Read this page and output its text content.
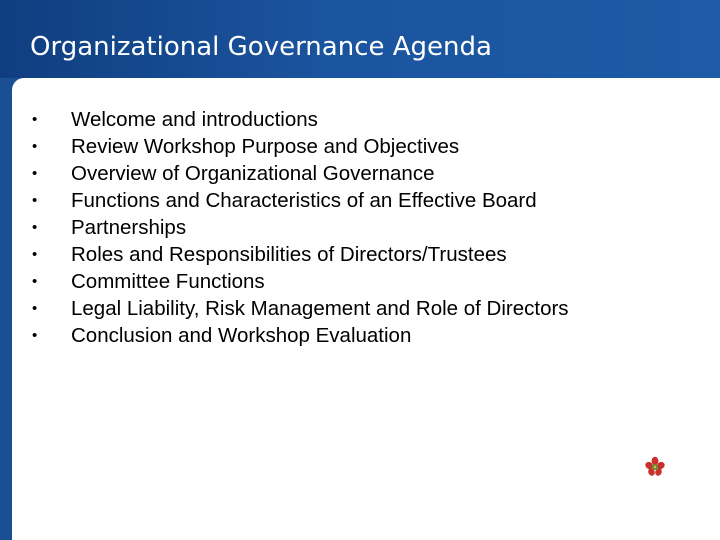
Organizational Governance Agenda
• Welcome and introductions
• Review Workshop Purpose and Objectives
• Overview of Organizational Governance
• Functions and Characteristics of an Effective Board
• Partnerships
• Roles and Responsibilities of Directors/Trustees
• Committee Functions
• Legal Liability, Risk Management and Role of Directors
• Conclusion and Workshop Evaluation
Newfoundland
Labrador
